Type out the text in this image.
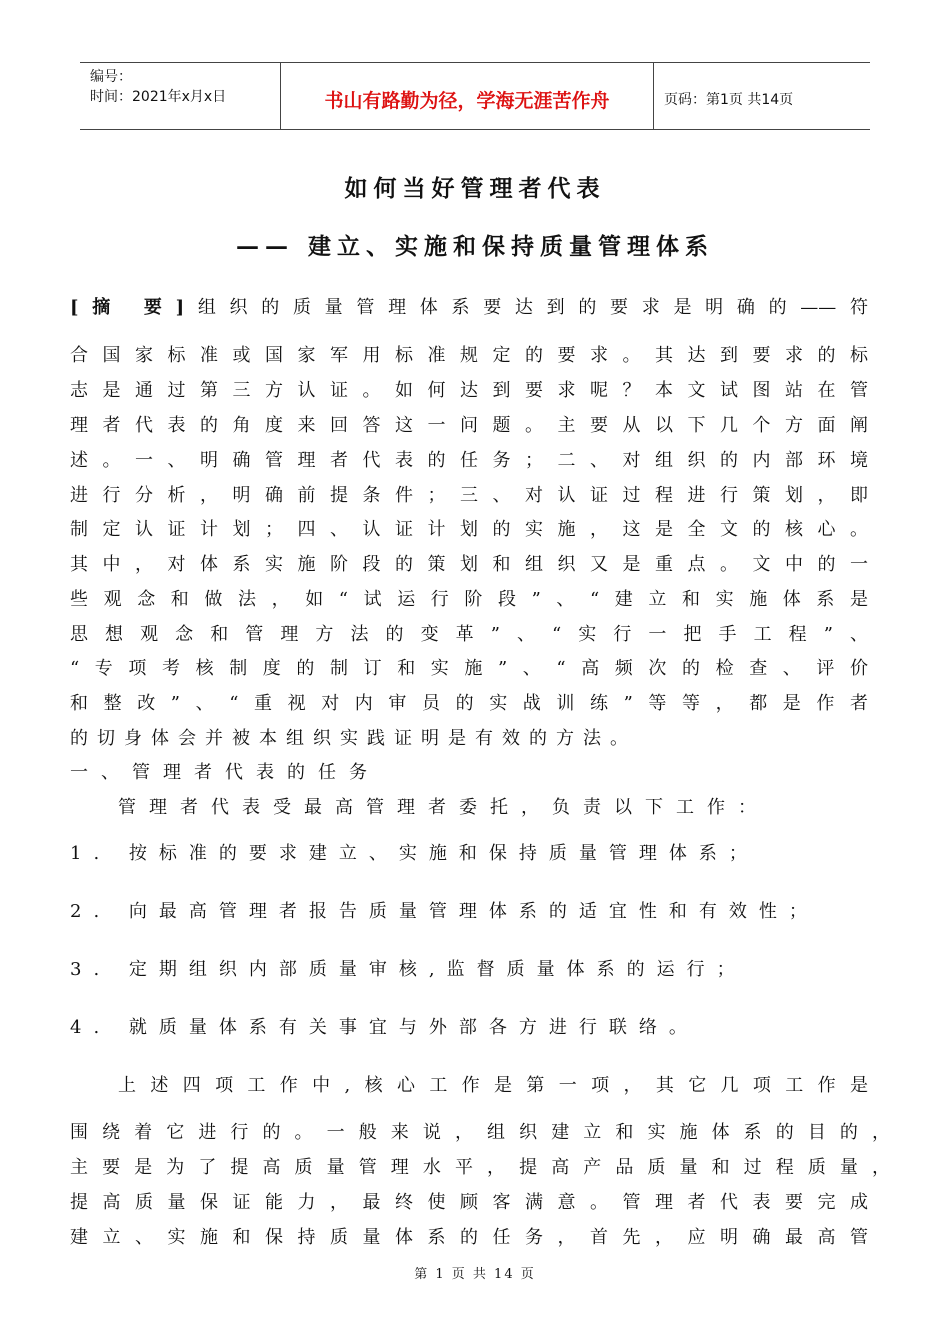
编号：
时间：2021年x月x日	书山有路勤为径，学海无涯苦作舟	页码：第1页 共14页
如何当好管理者代表
—— 建立、实施和保持质量管理体系
[摘 要]组织的质量管理体系要达到的要求是明确的——符
合国家标准或国家军用标准规定的要求。其达到要求的标
志是通过第三方认证。如何达到要求呢？本文试图站在管
理者代表的角度来回答这一问题。主要从以下几个方面阐
述。一、明确管理者代表的任务；二、对组织的内部环境
进行分析，明确前提条件；三、对认证过程进行策划，即
制定认证计划；四、认证计划的实施，这是全文的核心。
其中，对体系实施阶段的策划和组织又是重点。文中的一
些观念和做法，如“试运行阶段”、“建立和实施体系是
思想观念和管理方法的变革”、“实行一把手工程”、
“专项考核制度的制订和实施”、“高频次的检查、评价
和整改”、“重视对内审员的实战训练”等等，都是作者
的切身体会并被本组织实践证明是有效的方法。
一、管理者代表的任务
管理者代表受最高管理者委托，负责以下工作：
1. 按标准的要求建立、实施和保持质量管理体系；
2. 向最高管理者报告质量管理体系的适宜性和有效性；
3. 定期组织内部质量审核,监督质量体系的运行；
4. 就质量体系有关事宜与外部各方进行联络。
上述四项工作中,核心工作是第一项，其它几项工作是
围绕着它进行的。一般来说，组织建立和实施体系的目的，
主要是为了提高质量管理水平，提高产品质量和过程质量，
提高质量保证能力，最终使顾客满意。管理者代表要完成
建立、实施和保持质量体系的任务，首先，应明确最高管
第 1 页 共 14 页
